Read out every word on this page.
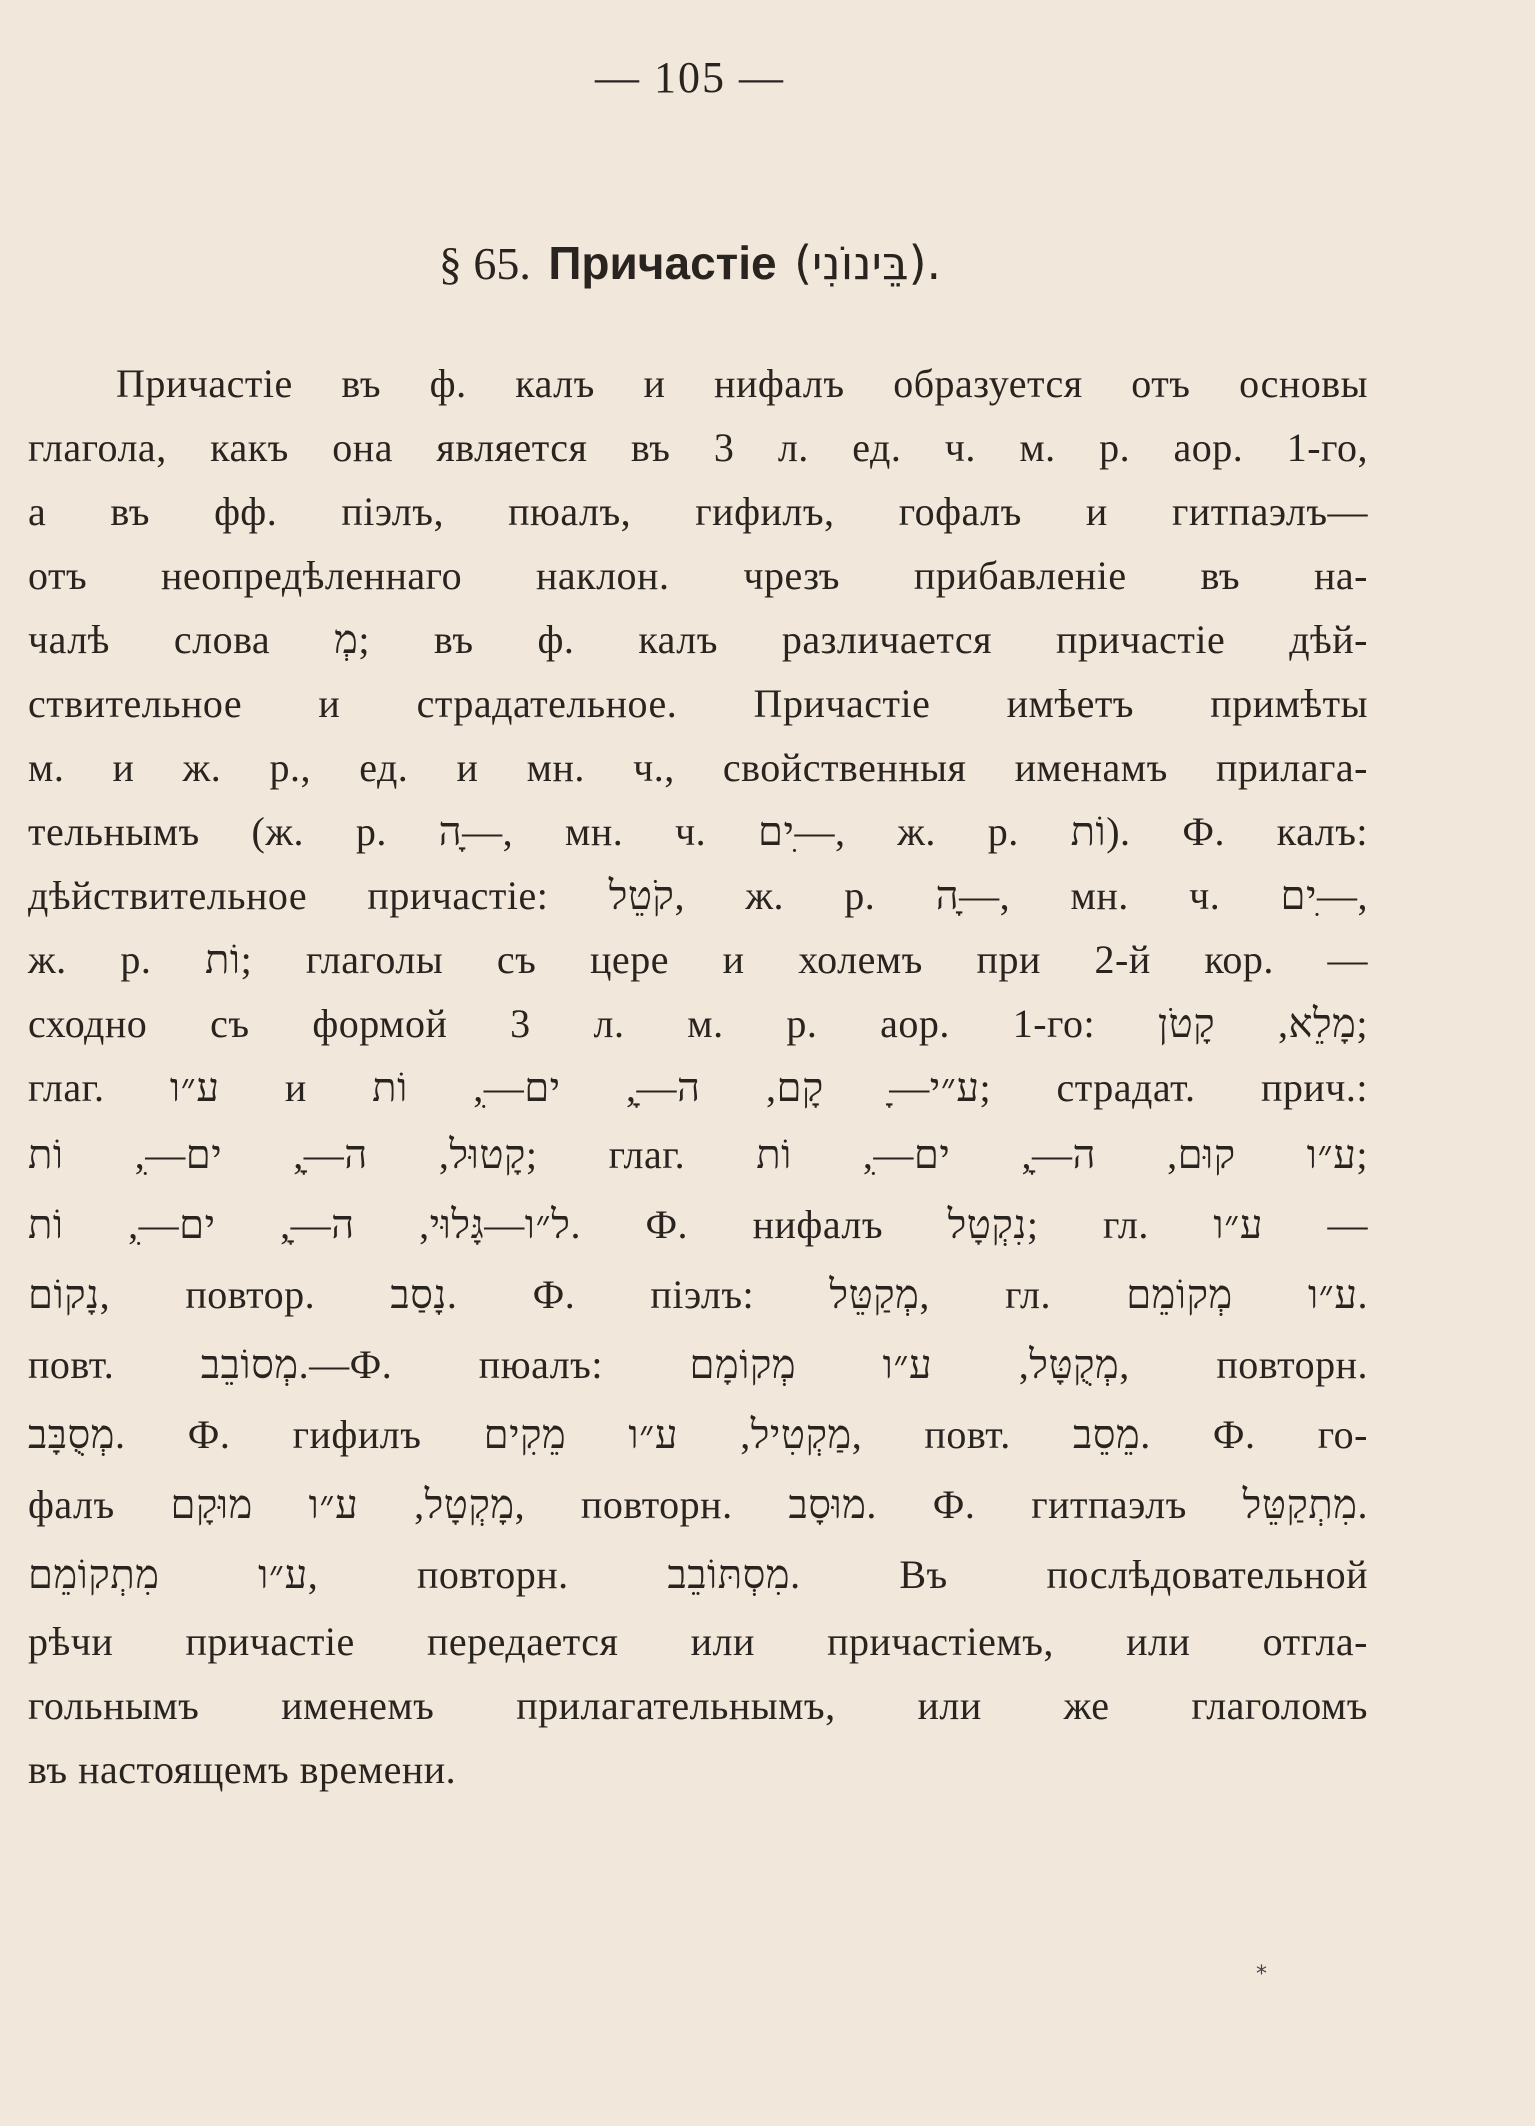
— 105 —
§ 65. Причастіе (בֵּינוֹנִי).
Причастіе въ ф. калъ и нифалъ образуется отъ основы
глагола, какъ она является въ 3 л. ед. ч. м. р. аор. 1-го,
а въ фф. піэлъ, пюалъ, гифилъ, гофалъ и гитпаэлъ—
отъ неопредѣленнаго наклон. чрезъ прибавленіе въ на-
чалѣ слова מְ; въ ф. калъ различается причастіе дѣй-
ствительное и страдательное. Причастіе имѣетъ примѣты
м. и ж. р., ед. и мн. ч., свойственныя именамъ прилага-
тельнымъ (ж. р. ה—ָ, мн. ч. ים—ִ, ж. р. וֹת). Ф. калъ:
дѣйствительное причастіе: קֹטֵל, ж. р. ה—ָ, мн. ч. ים—ִ,
ж. р. וֹת; глаголы съ цере и холемъ при 2-й кор. —
сходно съ формой 3 л. м. р. аор. 1-го: מָלֵא, קָטֹן;
глаг. ע״ו и ע״י—ָ קָם, ה—ָ, ים—ִ, וֹת; страдат. прич.:
קָטוּל, ה—ָ, ים—ִ, וֹת; глаг. ע״ו קוּם, ה—ָ, ים—ִ, וֹת;
ל״ו—גָּלוּי, ה—ָ, ים—ִ, וֹת. Ф. нифалъ נִקְטָל; гл. ע״ו —
נָקוֹם, повтор. נָסַב. Ф. піэлъ: מְקַטֵּל, гл. ע״ו מְקוֹמֵם.
повт. מְסוֹבֵב.—Ф. пюалъ: מְקֻטָּל, ע״ו מְקוֹמָם, повторн.
מְסֻבָּב. Ф. гифилъ מַקְטִיל, ע״ו מֵקִים, повт. מֵסֵב. Ф. го-
фалъ מָקְטָל, ע״ו מוּקָם, повторн. מוּסָב. Ф. гитпаэлъ מִתְקַטֵּל.
ע״ו מִתְקוֹמֵם, повторн. מִסְתּוֹבֵב. Въ послѣдовательной
рѣчи причастіе передается или причастіемъ, или отгла-
гольнымъ именемъ прилагательнымъ, или же глаголомъ
въ настоящемъ времени.
*
